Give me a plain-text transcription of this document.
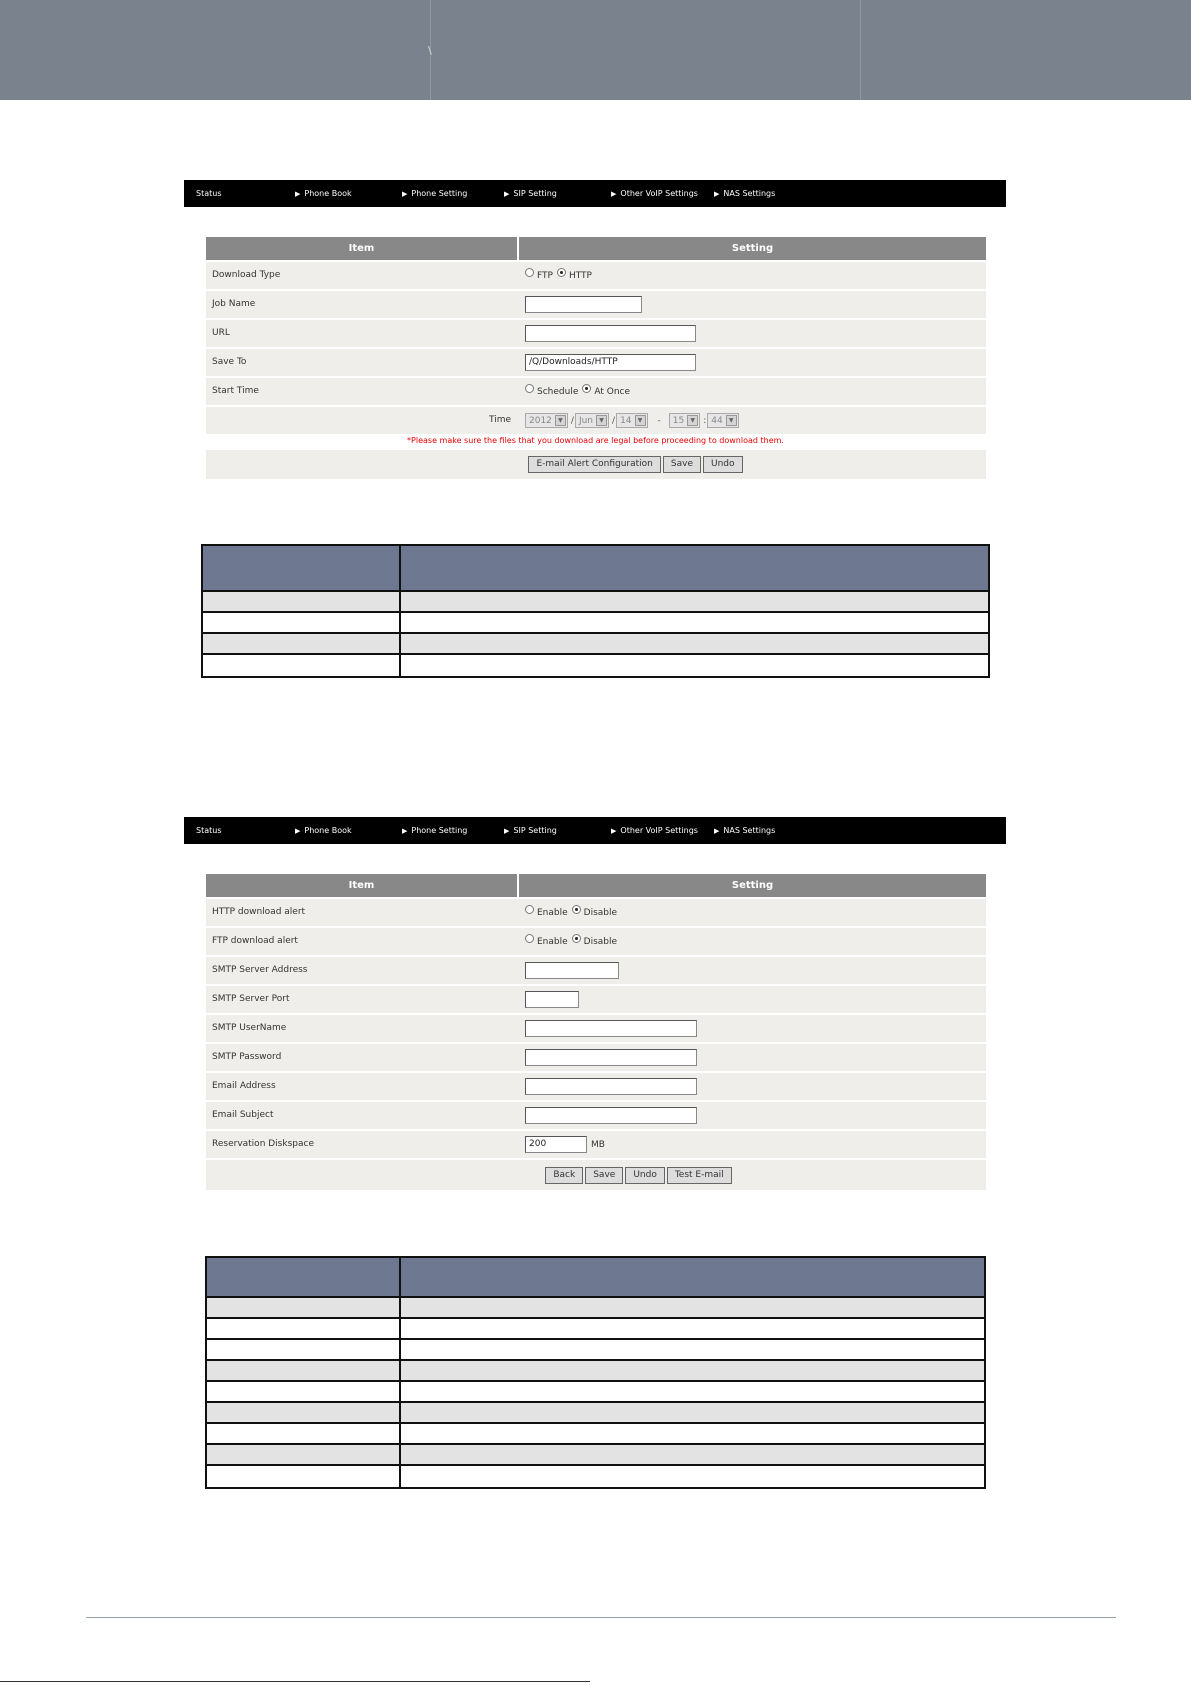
\
Status	▶ Phone Book	▶ Phone Setting	▶ SIP Setting	▶ Other VoIP Settings ▶ NAS Settings
Item	Setting
Download Type	FTP HTTP
Job Name
URL
Save To	/Q/Downloads/HTTP
Start Time	Schedule At Once
Time	2012	▼ / Jun	▼ / 14	▼	- 15	▼ : 44	▼
*Please make sure the files that you download are legal before proceeding to download them.
E-mail Alert Configuration	Save	Undo
Status	▶ Phone Book	▶ Phone Setting	▶ SIP Setting	▶ Other VoIP Settings ▶ NAS Settings
Item	Setting
HTTP download alert	Enable Disable
FTP download alert	Enable Disable
SMTP Server Address
SMTP Server Port
SMTP UserName
SMTP Password
Email Address
Email Subject
Reservation Diskspace	200	MB
Back	Save	Undo	Test E-mail
